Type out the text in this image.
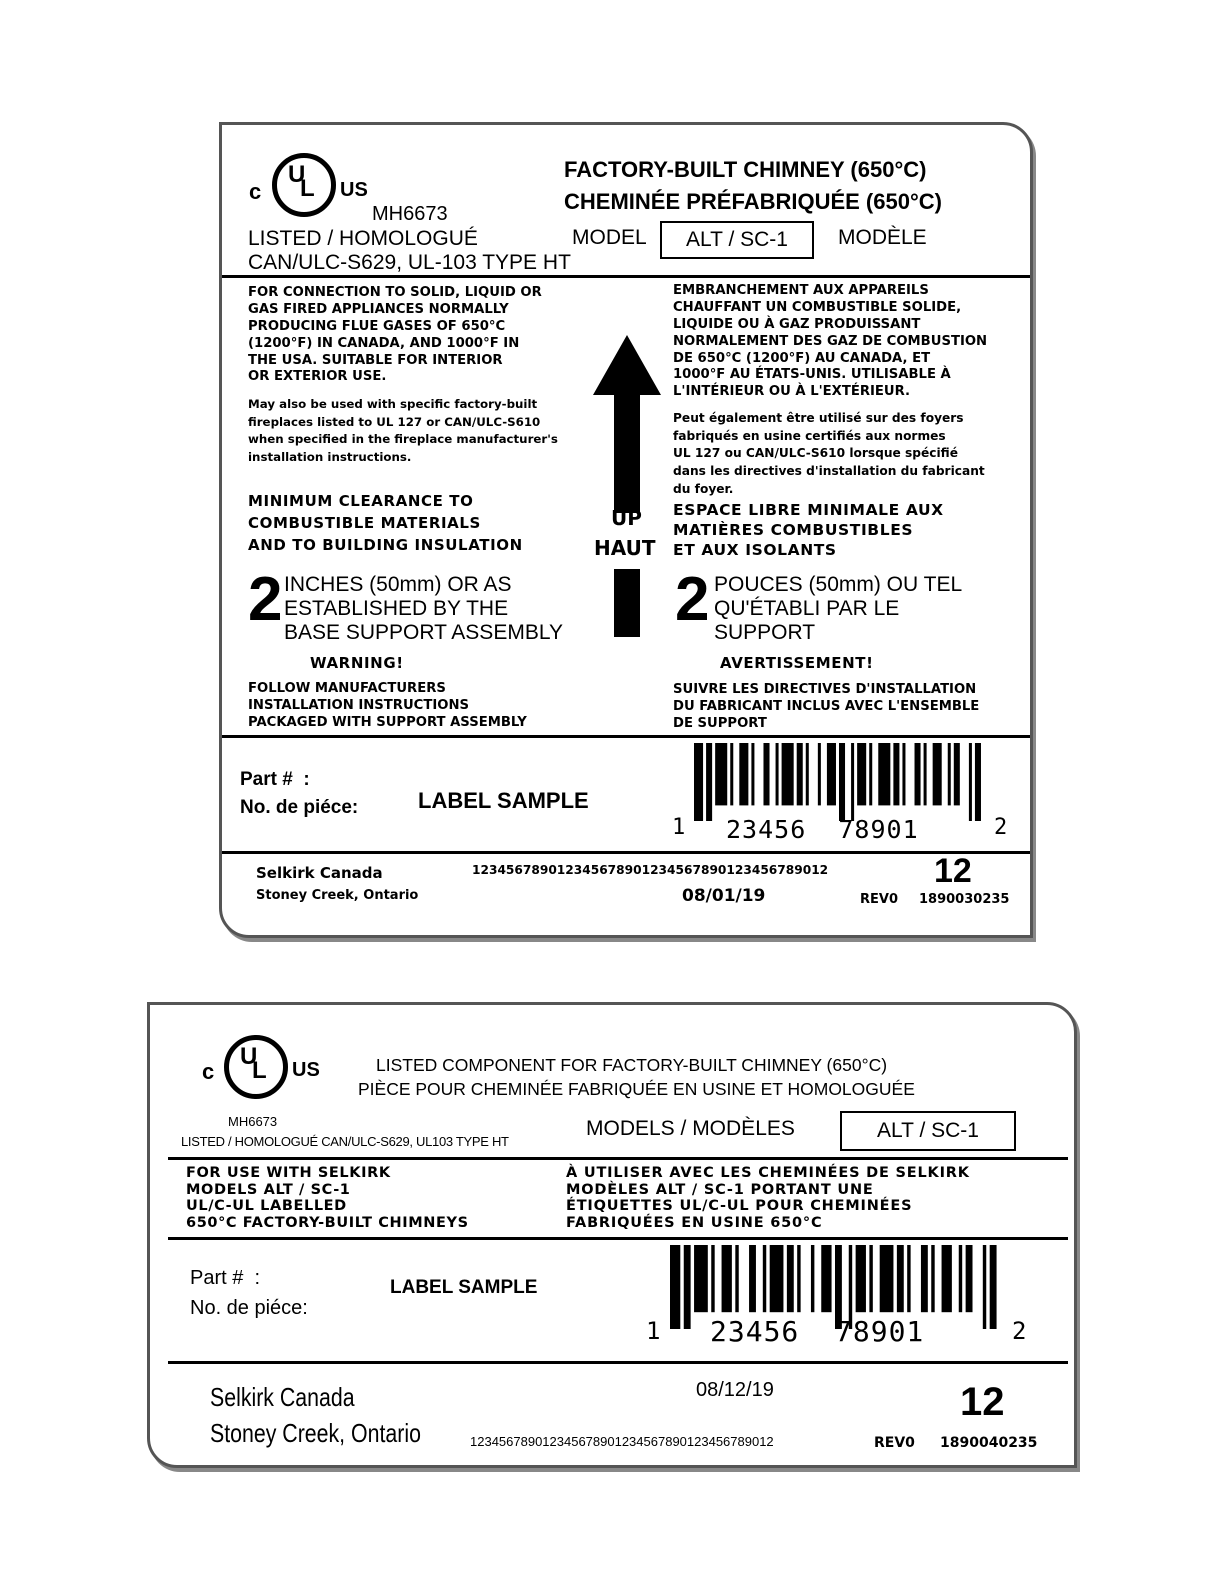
c
U
L US
MH6673
LISTED / HOMOLOGUÉ
CAN/ULC-S629, UL-103 TYPE HT
FACTORY-BUILT CHIMNEY (650°C)
CHEMINÉE PRÉFABRIQUÉE (650°C)
MODEL	ALT / SC-1	MODÈLE
FOR CONNECTION TO SOLID, LIQUID OR
GAS FIRED APPLIANCES NORMALLY
PRODUCING FLUE GASES OF 650°C
(1200°F) IN CANADA, AND 1000°F IN
THE USA. SUITABLE FOR INTERIOR
OR EXTERIOR USE.
May also be used with specific factory-built
fireplaces listed to UL 127 or CAN/ULC-S610
when specified in the fireplace manufacturer's
installation instructions.
MINIMUM CLEARANCE TO
COMBUSTIBLE MATERIALS
AND TO BUILDING INSULATION
2 INCHES (50mm) OR AS
ESTABLISHED BY THE
BASE SUPPORT ASSEMBLY
WARNING!
FOLLOW MANUFACTURERS
INSTALLATION INSTRUCTIONS
PACKAGED WITH SUPPORT ASSEMBLY
UP
HAUT
EMBRANCHEMENT AUX APPAREILS
CHAUFFANT UN COMBUSTIBLE SOLIDE,
LIQUIDE OU À GAZ PRODUISSANT
NORMALEMENT DES GAZ DE COMBUSTION
DE 650°C (1200°F) AU CANADA, ET
1000°F AU ÉTATS-UNIS. UTILISABLE À
L'INTÉRIEUR OU À L'EXTÉRIEUR.
Peut également être utilisé sur des foyers
fabriqués en usine certifiés aux normes
UL 127 ou CAN/ULC-S610 lorsque spécifié
dans les directives d'installation du fabricant
du foyer.
ESPACE LIBRE MINIMALE AUX
MATIÈRES COMBUSTIBLES
ET AUX ISOLANTS
2 POUCES (50mm) OU TEL
QU'ÉTABLI PAR LE
SUPPORT
AVERTISSEMENT!
SUIVRE LES DIRECTIVES D'INSTALLATION
DU FABRICANT INCLUS AVEC L'ENSEMBLE
DE SUPPORT
Part #  :
No. de piéce:	LABEL SAMPLE
1 23456  78901	2
Selkirk Canada
Stoney Creek, Ontario
123456789012345678901234567890123456789012
08/01/19
12
REV0 1890030235
c
U
L US	LISTED COMPONENT FOR FACTORY-BUILT CHIMNEY (650°C)
PIÈCE POUR CHEMINÉE FABRIQUÉE EN USINE ET HOMOLOGUÉE
MH6673
LISTED / HOMOLOGUÉ CAN/ULC-S629, UL103 TYPE HT
MODELS / MODÈLES	ALT / SC-1
FOR USE WITH SELKIRK
MODELS ALT / SC-1
UL/C-UL LABELLED
650°C FACTORY-BUILT CHIMNEYS
À UTILISER AVEC LES CHEMINÉES DE SELKIRK
MODÈLES ALT / SC-1 PORTANT UNE
ÉTIQUETTES UL/C-UL POUR CHEMINÉES
FABRIQUÉES EN USINE 650°C
Part #  :
No. de piéce:
LABEL SAMPLE
1 23456  78901	2
Selkirk Canada
Stoney Creek, Ontario
08/12/19	12
123456789012345678901234567890123456789012	REV0 1890040235
